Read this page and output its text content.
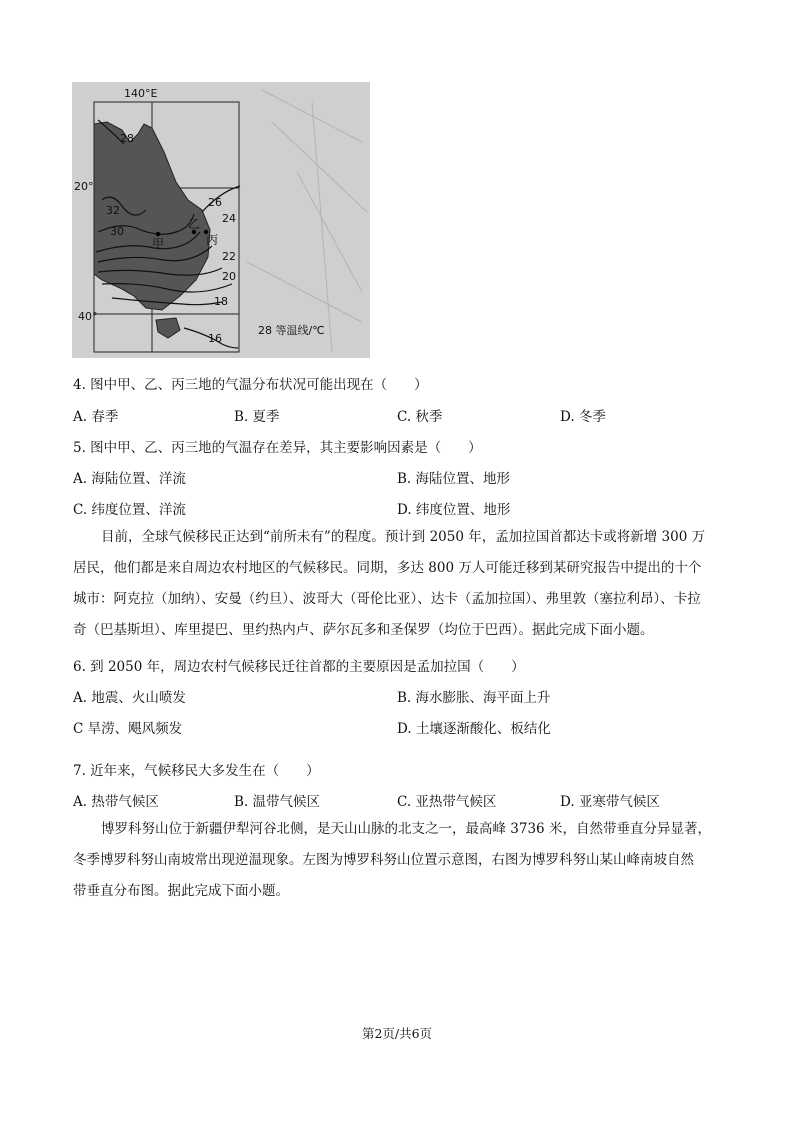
140°E
20°
40°
28
32
30
26
24
22
20
18
16
甲
乙
丙
28 等温线/℃
4. 图中甲、乙、丙三地的气温分布状况可能出现在（　　）
A. 春季	B. 夏季	C. 秋季	D. 冬季
5. 图中甲、乙、丙三地的气温存在差异，其主要影响因素是（　　）
A. 海陆位置、洋流	B. 海陆位置、地形
C. 纬度位置、洋流	D. 纬度位置、地形
目前，全球气候移民正达到“前所未有”的程度。预计到 2050 年，孟加拉国首都达卡或将新增 300 万
居民，他们都是来自周边农村地区的气候移民。同期，多达 800 万人可能迁移到某研究报告中提出的十个
城市：阿克拉（加纳）、安曼（约旦）、波哥大（哥伦比亚）、达卡（孟加拉国）、弗里敦（塞拉利昂）、卡拉
奇（巴基斯坦）、库里提巴、里约热内卢、萨尔瓦多和圣保罗（均位于巴西）。据此完成下面小题。
6. 到 2050 年，周边农村气候移民迁往首都的主要原因是孟加拉国（　　）
A. 地震、火山喷发	B. 海水膨胀、海平面上升
C 旱涝、飓风频发	D. 土壤逐渐酸化、板结化
7. 近年来，气候移民大多发生在（　　）
A. 热带气候区	B. 温带气候区	C. 亚热带气候区	D. 亚寒带气候区
博罗科努山位于新疆伊犁河谷北侧，是天山山脉的北支之一，最高峰 3736 米，自然带垂直分异显著，
冬季博罗科努山南坡常出现逆温现象。左图为博罗科努山位置示意图，右图为博罗科努山某山峰南坡自然
带垂直分布图。据此完成下面小题。
第2页/共6页
